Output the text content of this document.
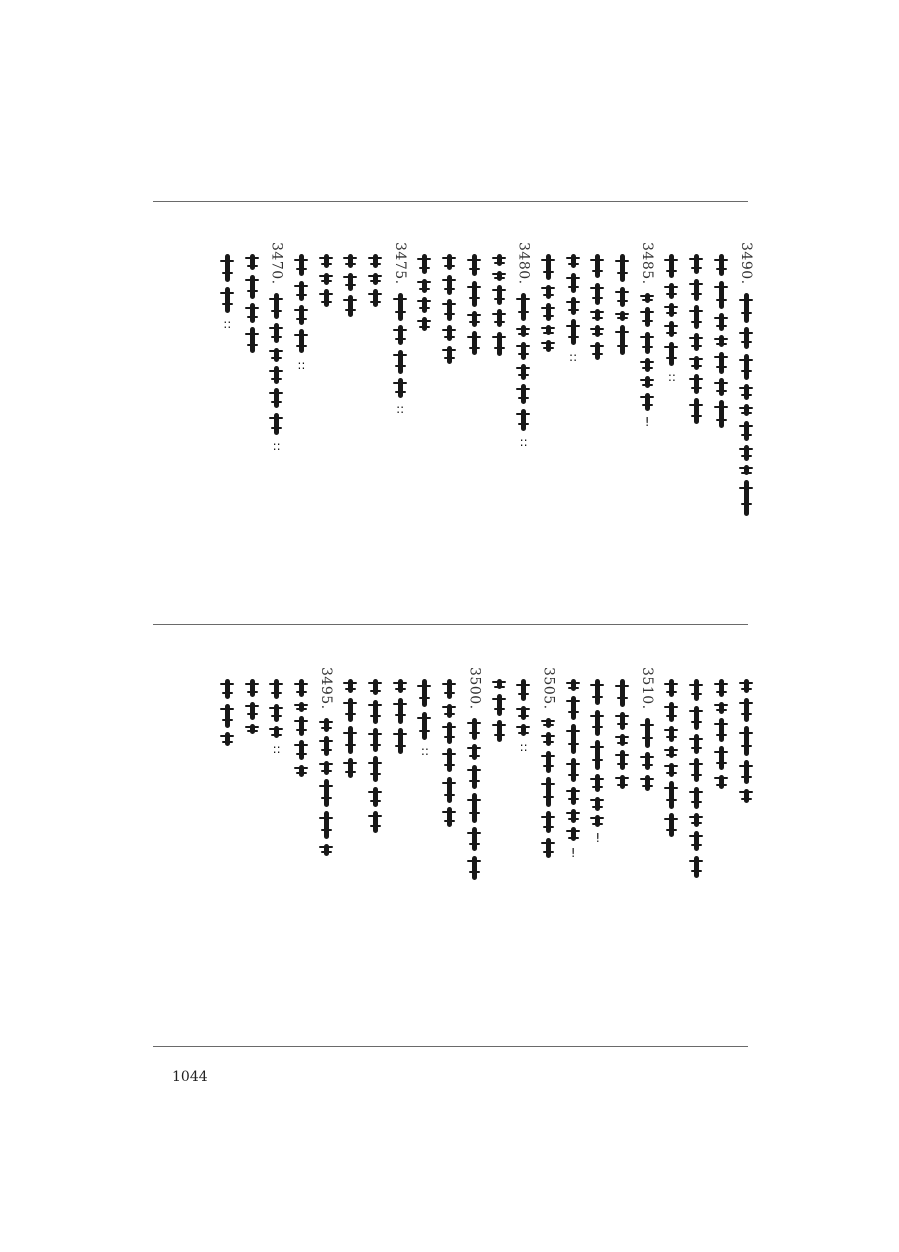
3490.
::
3485.
!
::
3480.
::
3475.
::
::
3470.
::
::
3510.
!
!
3505.
::
3500.
::
3495.
::
1044
